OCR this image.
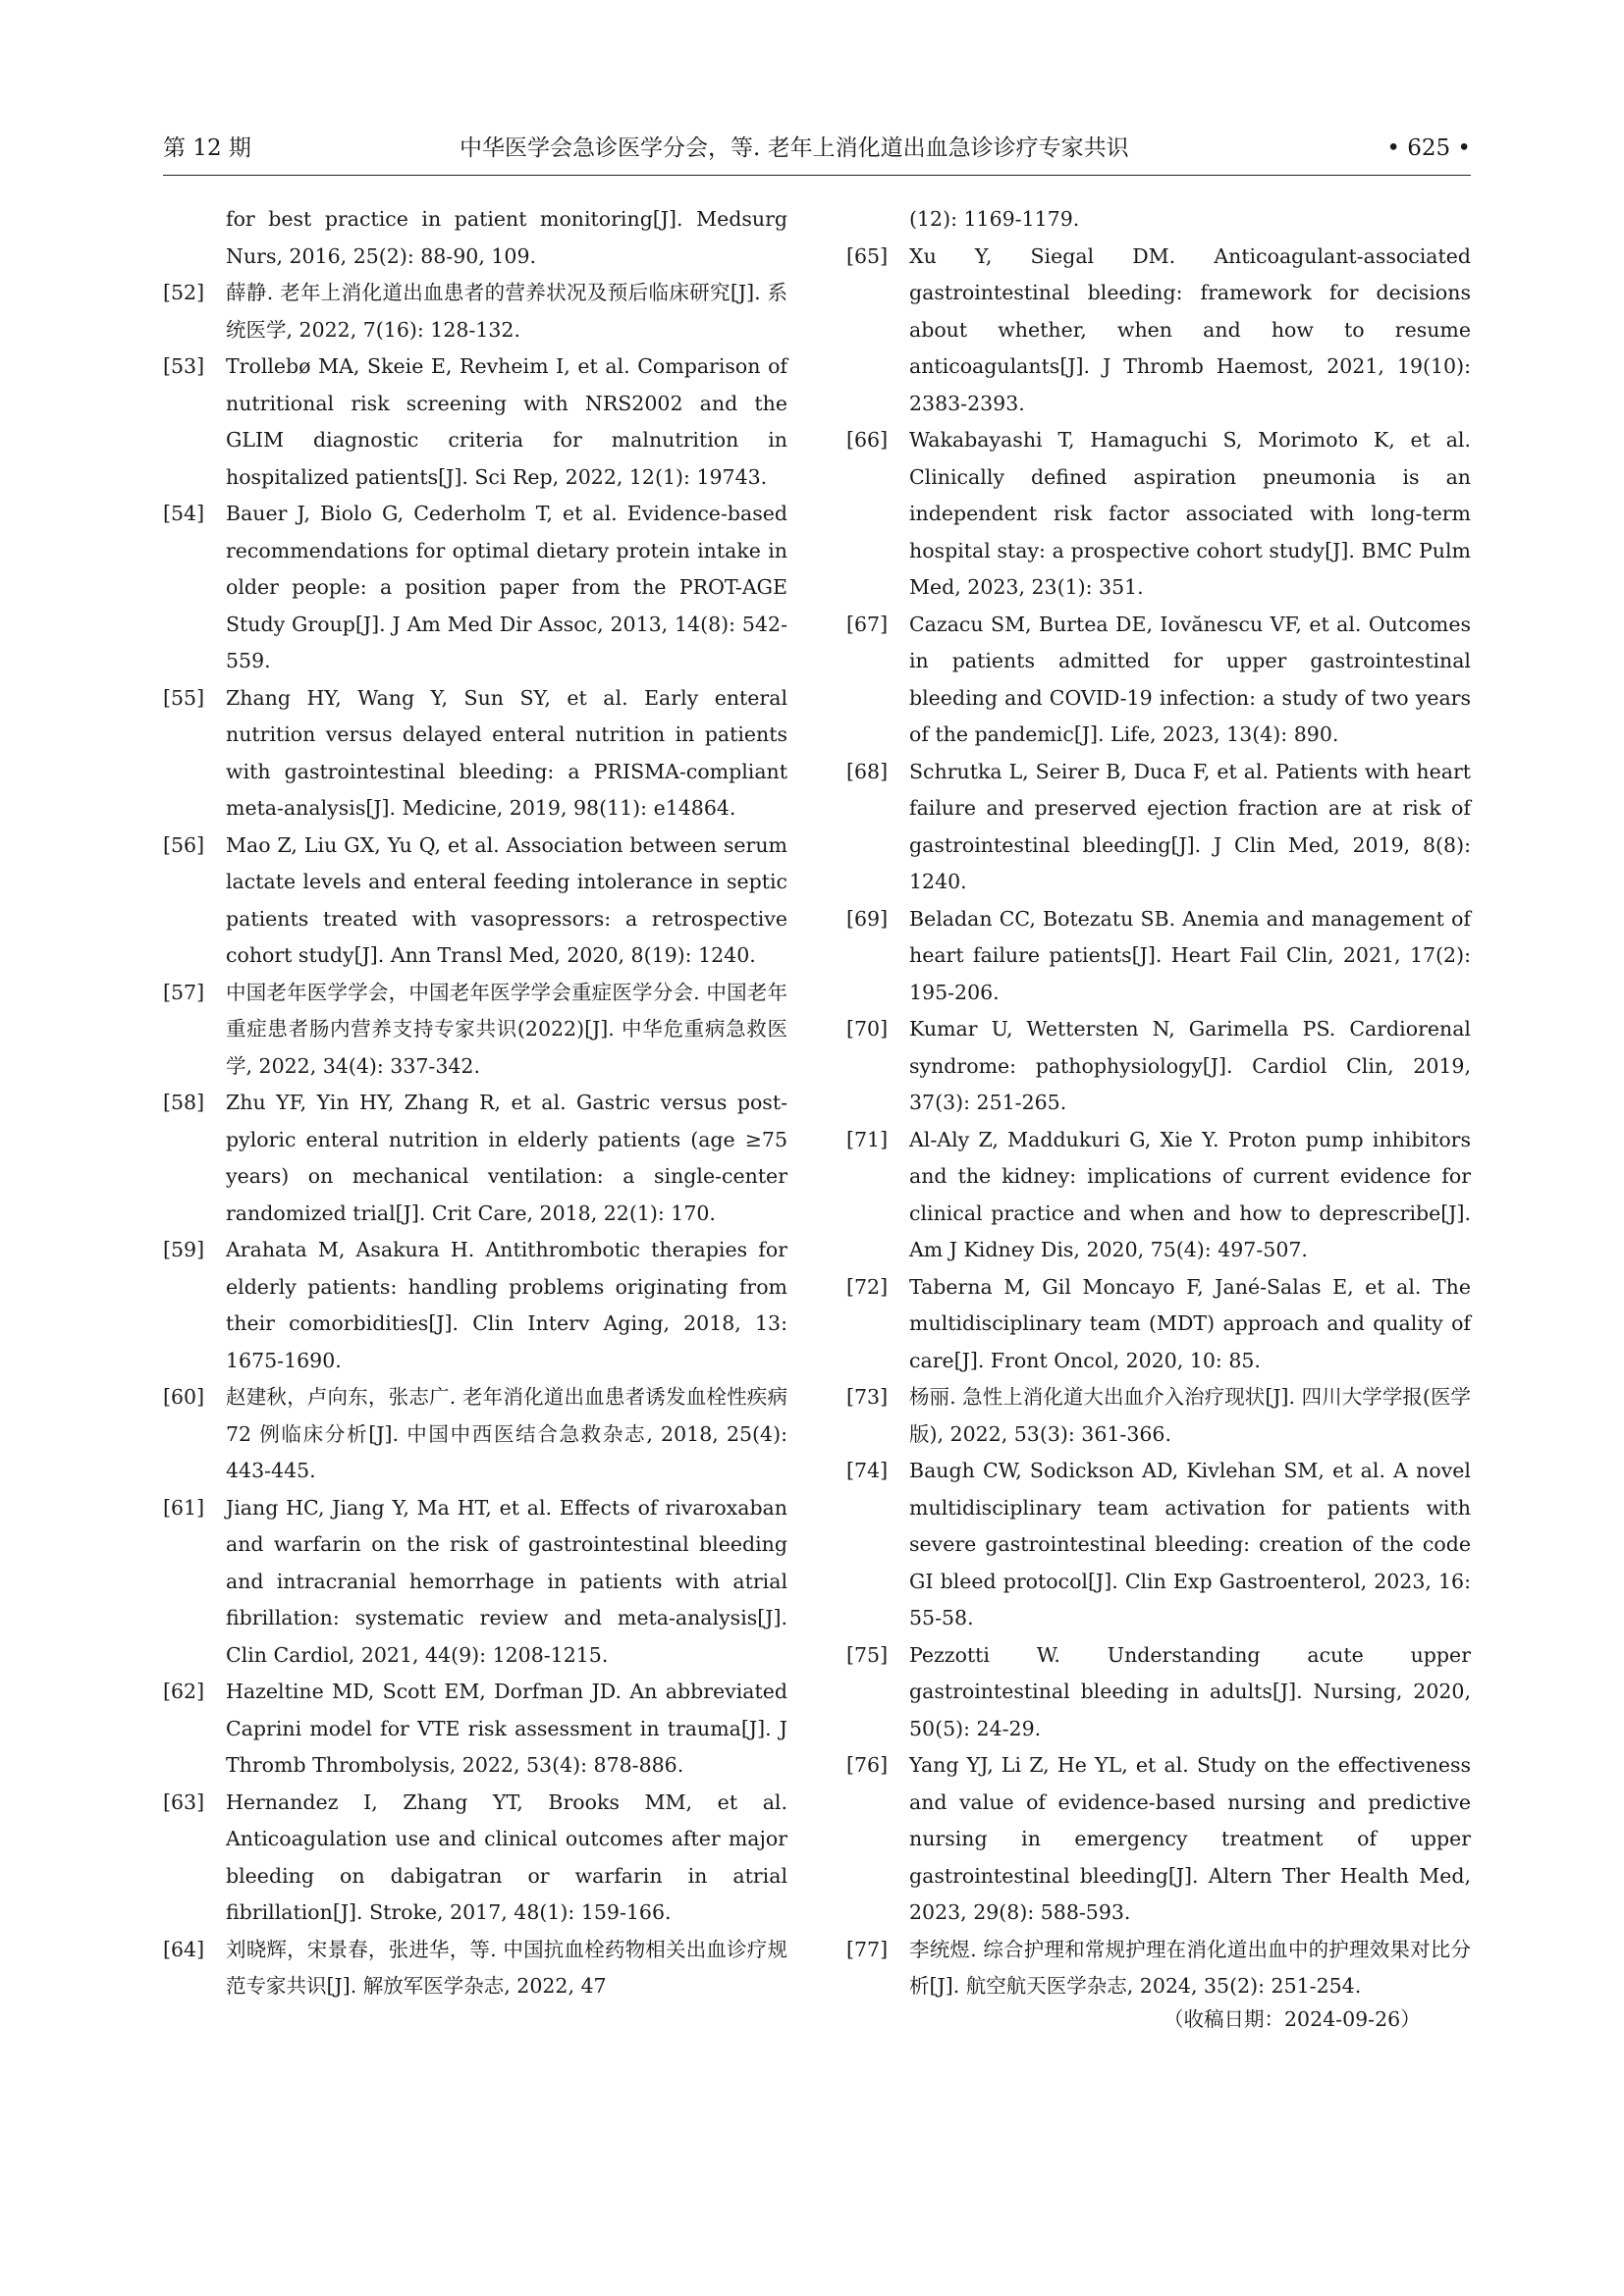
第 12 期	中华医学会急诊医学分会，等. 老年上消化道出血急诊诊疗专家共识	• 625 •
for best practice in patient monitoring[J]. Medsurg Nurs, 2016, 25(2): 88-90, 109.
[52] 薛静. 老年上消化道出血患者的营养状况及预后临床研究[J]. 系统医学, 2022, 7(16): 128-132.
[53] Trollebø MA, Skeie E, Revheim I, et al. Comparison of nutritional risk screening with NRS2002 and the GLIM diagnostic criteria for malnutrition in hospitalized patients[J]. Sci Rep, 2022, 12(1): 19743.
[54] Bauer J, Biolo G, Cederholm T, et al. Evidence-based recommendations for optimal dietary protein intake in older people: a position paper from the PROT-AGE Study Group[J]. J Am Med Dir Assoc, 2013, 14(8): 542-559.
[55] Zhang HY, Wang Y, Sun SY, et al. Early enteral nutrition versus delayed enteral nutrition in patients with gastrointestinal bleeding: a PRISMA-compliant meta-analysis[J]. Medicine, 2019, 98(11): e14864.
[56] Mao Z, Liu GX, Yu Q, et al. Association between serum lactate levels and enteral feeding intolerance in septic patients treated with vasopressors: a retrospective cohort study[J]. Ann Transl Med, 2020, 8(19): 1240.
[57] 中国老年医学学会，中国老年医学学会重症医学分会. 中国老年重症患者肠内营养支持专家共识(2022)[J]. 中华危重病急救医学, 2022, 34(4): 337-342.
[58] Zhu YF, Yin HY, Zhang R, et al. Gastric versus post-pyloric enteral nutrition in elderly patients (age ≥75 years) on mechanical ventilation: a single-center randomized trial[J]. Crit Care, 2018, 22(1): 170.
[59] Arahata M, Asakura H. Antithrombotic therapies for elderly patients: handling problems originating from their comorbidities[J]. Clin Interv Aging, 2018, 13: 1675-1690.
[60] 赵建秋，卢向东，张志广. 老年消化道出血患者诱发血栓性疾病 72 例临床分析[J]. 中国中西医结合急救杂志, 2018, 25(4): 443-445.
[61] Jiang HC, Jiang Y, Ma HT, et al. Effects of rivaroxaban and warfarin on the risk of gastrointestinal bleeding and intracranial hemorrhage in patients with atrial fibrillation: systematic review and meta-analysis[J]. Clin Cardiol, 2021, 44(9): 1208-1215.
[62] Hazeltine MD, Scott EM, Dorfman JD. An abbreviated Caprini model for VTE risk assessment in trauma[J]. J Thromb Thrombolysis, 2022, 53(4): 878-886.
[63] Hernandez I, Zhang YT, Brooks MM, et al. Anticoagulation use and clinical outcomes after major bleeding on dabigatran or warfarin in atrial fibrillation[J]. Stroke, 2017, 48(1): 159-166.
[64] 刘晓辉，宋景春，张进华，等. 中国抗血栓药物相关出血诊疗规范专家共识[J]. 解放军医学杂志, 2022, 47
(12): 1169-1179.
[65] Xu Y, Siegal DM. Anticoagulant-associated gastrointestinal bleeding: framework for decisions about whether, when and how to resume anticoagulants[J]. J Thromb Haemost, 2021, 19(10): 2383-2393.
[66] Wakabayashi T, Hamaguchi S, Morimoto K, et al. Clinically defined aspiration pneumonia is an independent risk factor associated with long-term hospital stay: a prospective cohort study[J]. BMC Pulm Med, 2023, 23(1): 351.
[67] Cazacu SM, Burtea DE, Iovănescu VF, et al. Outcomes in patients admitted for upper gastrointestinal bleeding and COVID-19 infection: a study of two years of the pandemic[J]. Life, 2023, 13(4): 890.
[68] Schrutka L, Seirer B, Duca F, et al. Patients with heart failure and preserved ejection fraction are at risk of gastrointestinal bleeding[J]. J Clin Med, 2019, 8(8): 1240.
[69] Beladan CC, Botezatu SB. Anemia and management of heart failure patients[J]. Heart Fail Clin, 2021, 17(2): 195-206.
[70] Kumar U, Wettersten N, Garimella PS. Cardiorenal syndrome: pathophysiology[J]. Cardiol Clin, 2019, 37(3): 251-265.
[71] Al-Aly Z, Maddukuri G, Xie Y. Proton pump inhibitors and the kidney: implications of current evidence for clinical practice and when and how to deprescribe[J]. Am J Kidney Dis, 2020, 75(4): 497-507.
[72] Taberna M, Gil Moncayo F, Jané-Salas E, et al. The multidisciplinary team (MDT) approach and quality of care[J]. Front Oncol, 2020, 10: 85.
[73] 杨丽. 急性上消化道大出血介入治疗现状[J]. 四川大学学报(医学版), 2022, 53(3): 361-366.
[74] Baugh CW, Sodickson AD, Kivlehan SM, et al. A novel multidisciplinary team activation for patients with severe gastrointestinal bleeding: creation of the code GI bleed protocol[J]. Clin Exp Gastroenterol, 2023, 16: 55-58.
[75] Pezzotti W. Understanding acute upper gastrointestinal bleeding in adults[J]. Nursing, 2020, 50(5): 24-29.
[76] Yang YJ, Li Z, He YL, et al. Study on the effectiveness and value of evidence-based nursing and predictive nursing in emergency treatment of upper gastrointestinal bleeding[J]. Altern Ther Health Med, 2023, 29(8): 588-593.
[77] 李统煜. 综合护理和常规护理在消化道出血中的护理效果对比分析[J]. 航空航天医学杂志, 2024, 35(2): 251-254.
（收稿日期：2024-09-26）
